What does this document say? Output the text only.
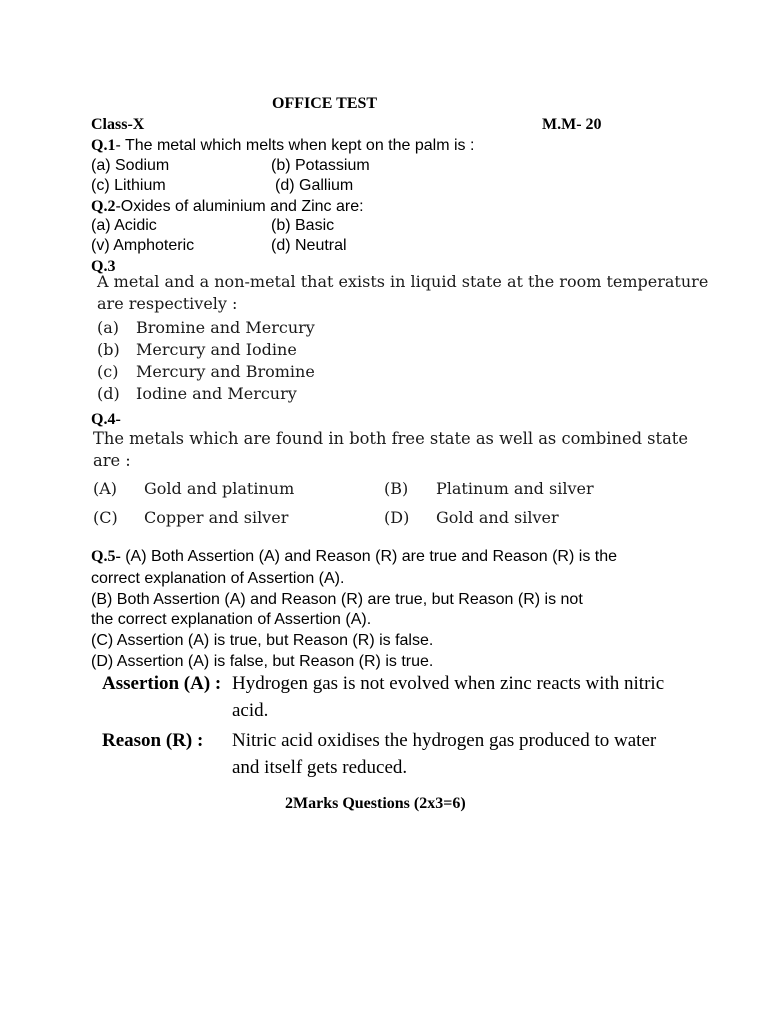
OFFICE TEST
Class-X	M.M- 20
Q.1- The metal which melts when kept on the palm is :
(a) Sodium	(b) Potassium
(c) Lithium	(d) Gallium
Q.2-Oxides of aluminium and Zinc are:
(a) Acidic	(b) Basic
(v) Amphoteric	(d) Neutral
Q.3
A metal and a non-metal that exists in liquid state at the room temperature
are respectively :
(a) Bromine and Mercury
(b) Mercury and Iodine
(c) Mercury and Bromine
(d) Iodine and Mercury
Q.4-
The metals which are found in both free state as well as combined state
are :
(A) Gold and platinum	(B) Platinum and silver
(C) Copper and silver	(D) Gold and silver
Q.5- (A) Both Assertion (A) and Reason (R) are true and Reason (R) is the
correct explanation of Assertion (A).
(B) Both Assertion (A) and Reason (R) are true, but Reason (R) is not
the correct explanation of Assertion (A).
(C) Assertion (A) is true, but Reason (R) is false.
(D) Assertion (A) is false, but Reason (R) is true.
Assertion (A) : Hydrogen gas is not evolved when zinc reacts with nitric
acid.
Reason (R) : Nitric acid oxidises the hydrogen gas produced to water
and itself gets reduced.
2Marks Questions (2x3=6)
